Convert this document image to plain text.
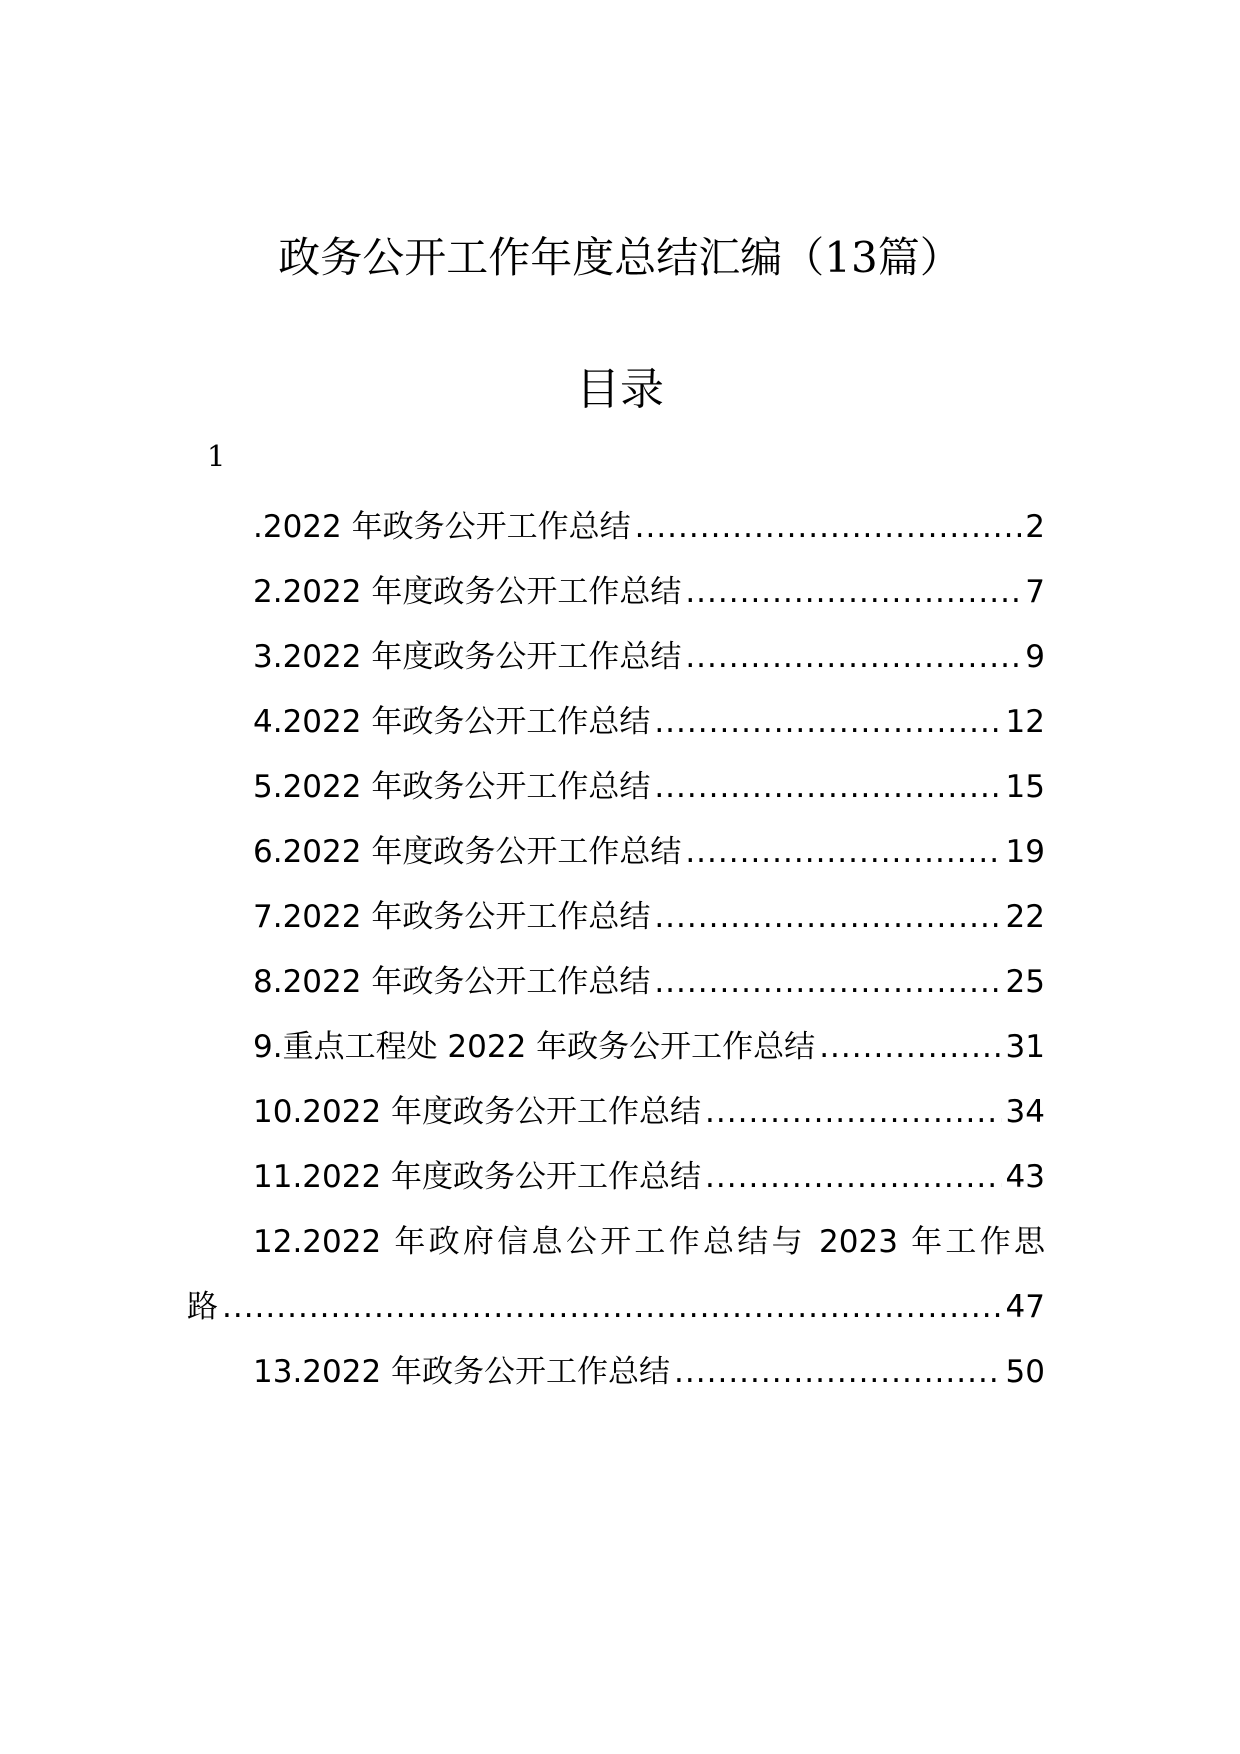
政务公开工作年度总结汇编（13篇）
目录
1
.2022 年政务公开工作总结 .....	2
2.2022 年度政务公开工作总结 .....	7
3.2022 年度政务公开工作总结 .....	9
4.2022 年政务公开工作总结 .....	12
5.2022 年政务公开工作总结 .....	15
6.2022 年度政务公开工作总结 .....	19
7.2022 年政务公开工作总结 .....	22
8.2022 年政务公开工作总结 .....	25
9.重点工程处 2022 年政务公开工作总结 .....	31
10.2022 年度政务公开工作总结 .....	34
11.2022 年度政务公开工作总结 .....	43
12.2022 年政府信息公开工作总结与 2023 年工作思
路 .....	47
13.2022 年政务公开工作总结 .....	50
